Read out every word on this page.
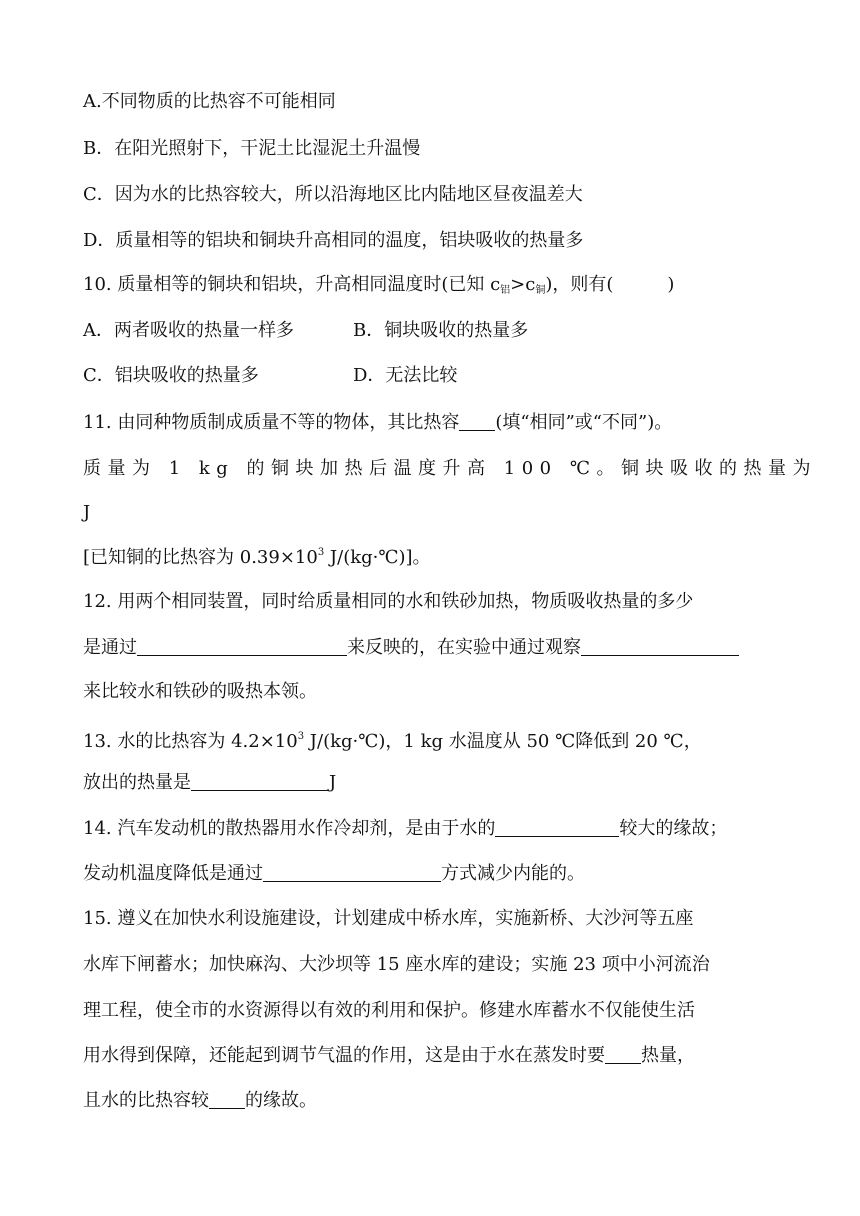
A.不同物质的比热容不可能相同
B．在阳光照射下，干泥土比湿泥土升温慢
C．因为水的比热容较大，所以沿海地区比内陆地区昼夜温差大
D．质量相等的铝块和铜块升高相同的温度，铝块吸收的热量多
10. 质量相等的铜块和铝块，升高相同温度时(已知 $c_铝>c_铜$)，则有(	)
A．两者吸收的热量一样多	B．铜块吸收的热量多
C．铝块吸收的热量多	D．无法比较
11. 由同种物质制成质量不等的物体，其比热容 (填“相同”或“不同”)。
质量为 1 kg 的铜块加热后温度升高 100 ℃。铜块吸收的热量为
J
[已知铜的比热容为 $0.39\times 10^3$ J/(kg·℃)]。
12. 用两个相同装置，同时给质量相同的水和铁砂加热，物质吸收热量的多少
是通过	来反映的，在实验中通过观察
来比较水和铁砂的吸热本领。
13. 水的比热容为 $4.2\times 10^3$ J/(kg·℃)，1 kg 水温度从 50 ℃降低到 20 ℃，
放出的热量是	J
14. 汽车发动机的散热器用水作冷却剂，是由于水的	较大的缘故；
发动机温度降低是通过	方式减少内能的。
15. 遵义在加快水利设施建设，计划建成中桥水库，实施新桥、大沙河等五座
水库下闸蓄水；加快麻沟、大沙坝等 15 座水库的建设；实施 23 项中小河流治
理工程，使全市的水资源得以有效的利用和保护。修建水库蓄水不仅能使生活
用水得到保障，还能起到调节气温的作用，这是由于水在蒸发时要 热量，
且水的比热容较 的缘故。
